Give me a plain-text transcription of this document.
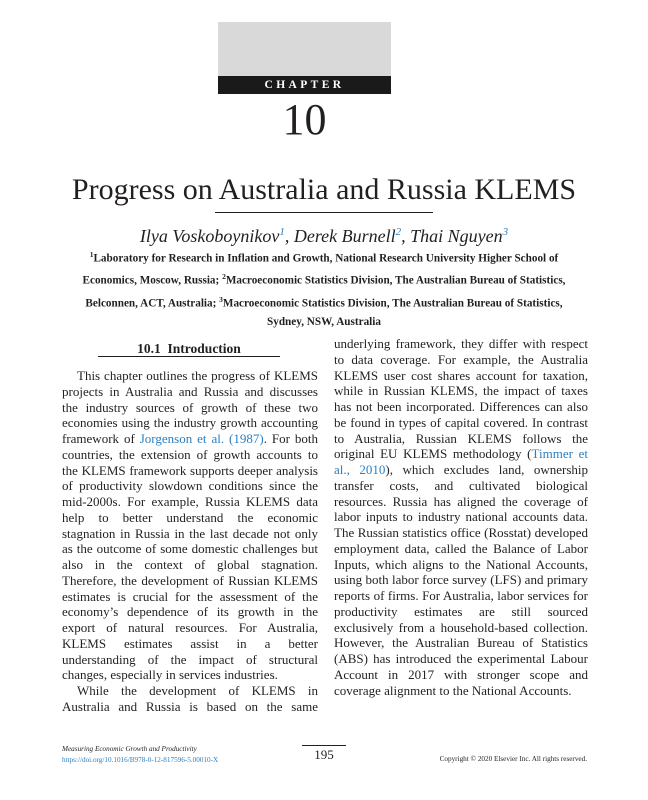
CHAPTER
10
Progress on Australia and Russia KLEMS
Ilya Voskoboynikov$^1$, Derek Burnell$^2$, Thai Nguyen$^3$
$^1$Laboratory for Research in Inflation and Growth, National Research University Higher School of
Economics, Moscow, Russia; $^2$Macroeconomic Statistics Division, The Australian Bureau of Statistics,
Belconnen, ACT, Australia; $^3$Macroeconomic Statistics Division, The Australian Bureau of Statistics,
Sydney, NSW, Australia
10.1 Introduction

This chapter outlines the progress of KLEMS projects in Australia and Russia and discusses the industry sources of growth of these two economies using the industry growth accounting framework of Jorgenson et al. (1987). For both countries, the extension of growth accounts to the KLEMS framework supports deeper analysis of productivity slowdown conditions since the mid-2000s. For example, Russia KLEMS data help to better understand the economic stagnation in Russia in the last decade not only as the outcome of some domestic challenges but also in the context of global stagnation. Therefore, the development of Russian KLEMS estimates is crucial for the assessment of the economy’s dependence of its growth in the export of natural resources. For Australia, KLEMS estimates assist in a better understanding of the impact of structural changes, especially in services industries.

While the development of KLEMS in Australia and Russia is based on the same

underlying framework, they differ with respect to data coverage. For example, the Australia KLEMS user cost shares account for taxation, while in Russian KLEMS, the impact of taxes has not been incorporated. Differences can also be found in types of capital covered. In contrast to Australia, Russian KLEMS follows the original EU KLEMS methodology (Timmer et al., 2010), which excludes land, ownership transfer costs, and cultivated biological resources. Russia has aligned the coverage of labor inputs to industry national accounts data. The Russian statistics office (Rosstat) developed employment data, called the Balance of Labor Inputs, which aligns to the National Accounts, using both labor force survey (LFS) and primary reports of firms. For Australia, labor services for productivity estimates are still sourced exclusively from a household-based collection. However, the Australian Bureau of Statistics (ABS) has introduced the experimental Labour Account in 2017 with stronger scope and coverage alignment to the National Accounts.

Measuring Economic Growth and Productivity
https://doi.org/10.1016/B978-0-12-817596-5.00010-X	195	Copyright © 2020 Elsevier Inc. All rights reserved.
